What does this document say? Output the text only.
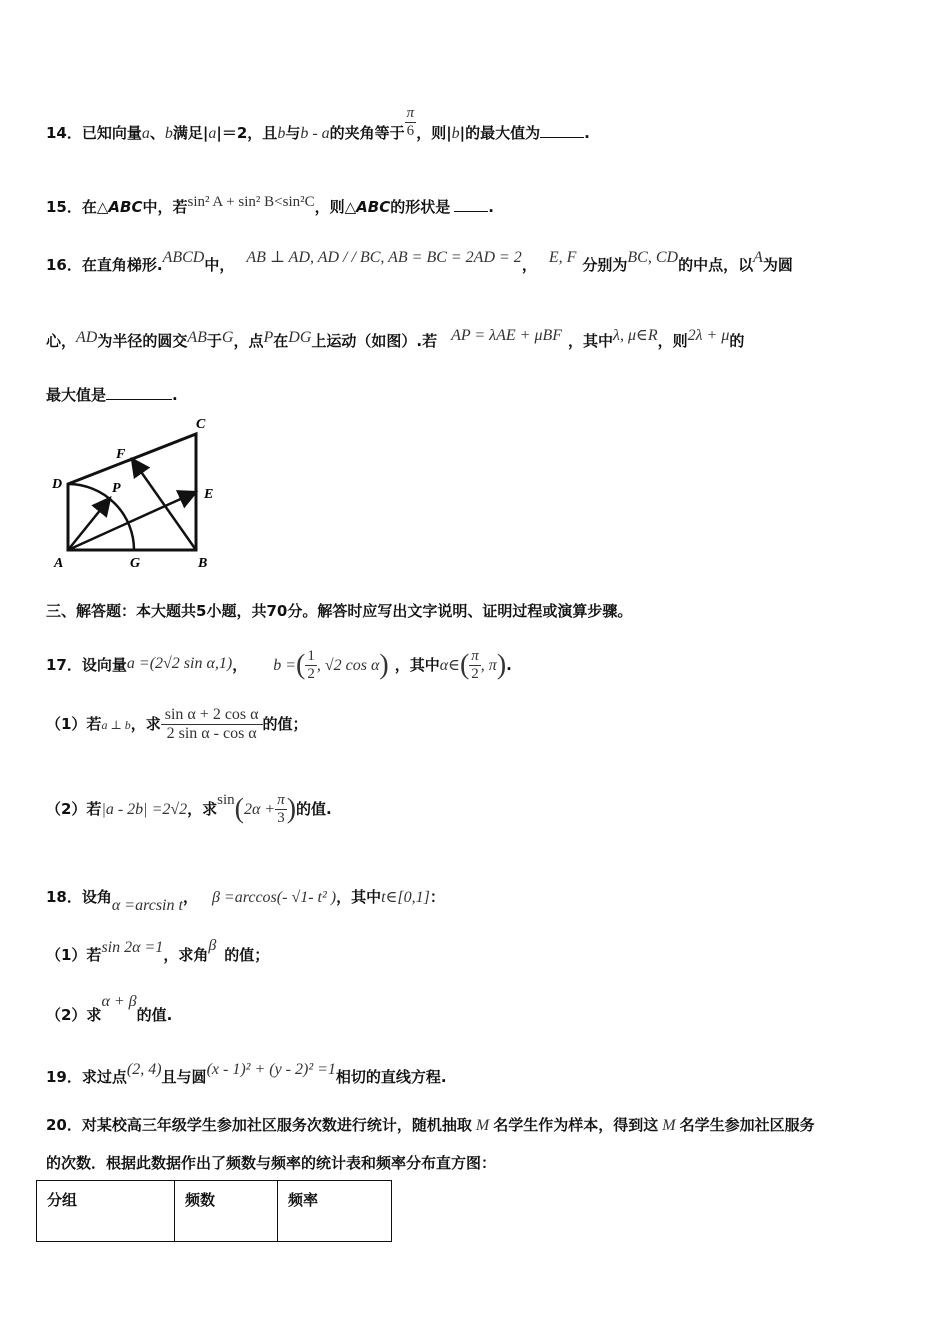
14．已知向量a、b满足|a|＝2，且b与b - a的夹角等于 $\frac{\pi}{6}$ ，则|b|的最大值为	.
15．在△ABC中，若sin² A + sin² B<sin²C，则△ABC的形状是	.
16．在直角梯形.ABCD中， AB ⊥ AD, AD / / BC, AB = BC = 2AD = 2， E, F 分别为BC, CD的中点，以A为圆
心，AD为半径的圆交AB于G，点P在DG上运动（如图）.若 AP = λAE + μBF ，其中λ, μ∈R，则2λ + μ的
最大值是	.
C
F
D	P	E
A	G	B
三、解答题：本大题共5小题，共70分。解答时应写出文字说明、证明过程或演算步骤。
17．设向量a =(2√2 sin α,1)， b =( $\frac{1}{2}$ , √2 cos α) ，其中α∈( $\frac{\pi}{2}$ , π).
（1）若a ⊥ b，求 $\frac{\text{sin α + 2 cos α}}{\text{2 sin α - cos α}}$ 的值；
（2）若|a - 2b| =2√2，求$\sin(2\alpha + \frac{\pi}{3}$ )的值.
18．设角α =arcsin t， β =arccos(- √1- t² )，其中t∈[0,1]：
（1）若sin 2α =1，求角β的值；
（2）求α + β的值.
19．求过点(2, 4)且与圆(x - 1)² + (y - 2)² =1相切的直线方程.
20．对某校高三年级学生参加社区服务次数进行统计，随机抽取 M 名学生作为样本，得到这 M 名学生参加社区服务
的次数．根据此数据作出了频数与频率的统计表和频率分布直方图：
分组	频数	频率
